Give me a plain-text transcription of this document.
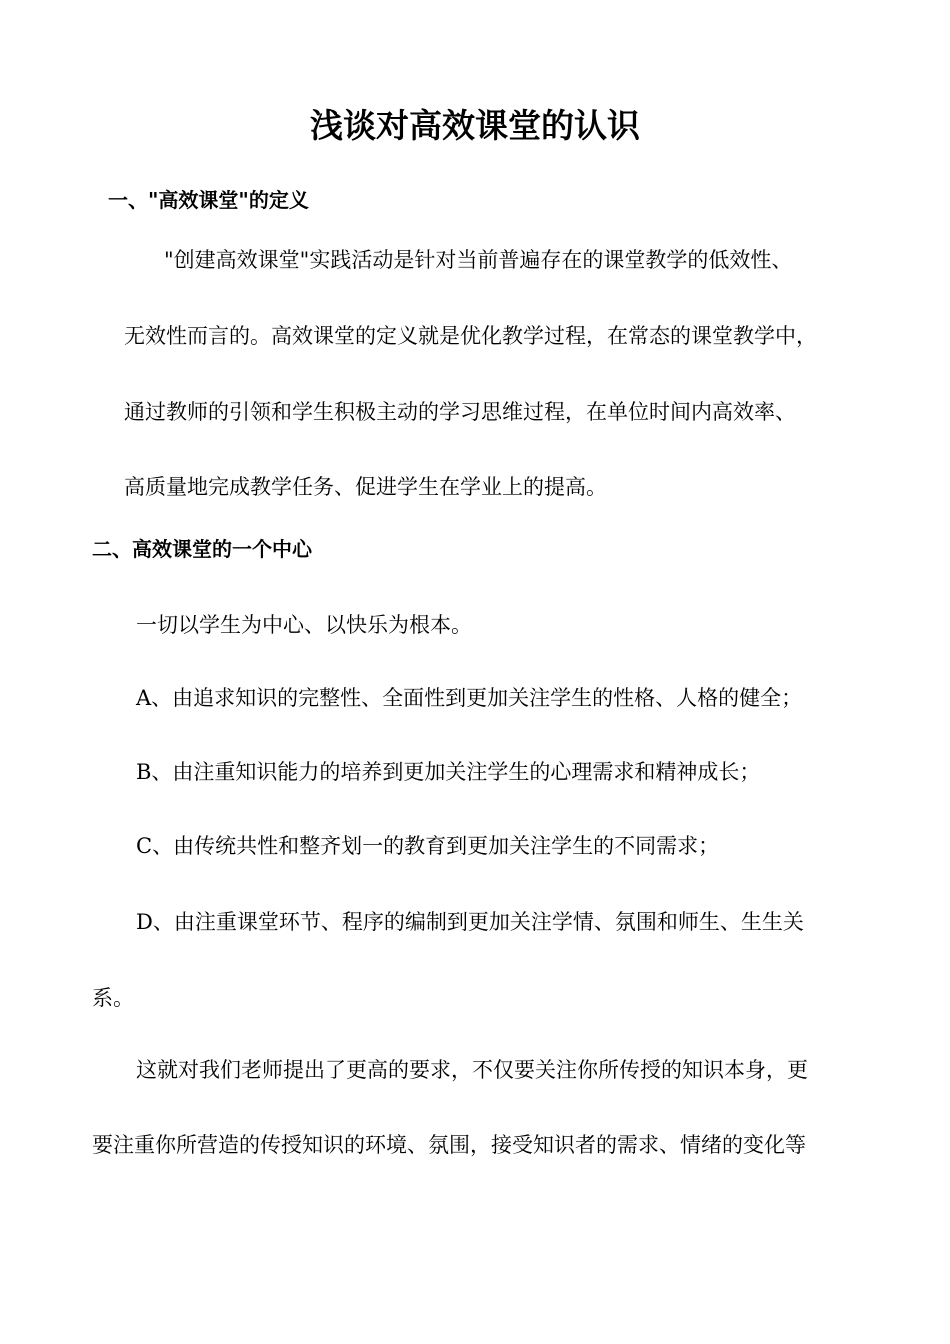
浅谈对高效课堂的认识
一、"高效课堂"的定义
"创建高效课堂"实践活动是针对当前普遍存在的课堂教学的低效性、
无效性而言的。高效课堂的定义就是优化教学过程，在常态的课堂教学中，
通过教师的引领和学生积极主动的学习思维过程，在单位时间内高效率、
高质量地完成教学任务、促进学生在学业上的提高。
二、高效课堂的一个中心
一切以学生为中心、以快乐为根本。
A、由追求知识的完整性、全面性到更加关注学生的性格、人格的健全；
B、由注重知识能力的培养到更加关注学生的心理需求和精神成长；
C、由传统共性和整齐划一的教育到更加关注学生的不同需求；
D、由注重课堂环节、程序的编制到更加关注学情、氛围和师生、生生关
系。
这就对我们老师提出了更高的要求，不仅要关注你所传授的知识本身，更
要注重你所营造的传授知识的环境、氛围，接受知识者的需求、情绪的变化等
